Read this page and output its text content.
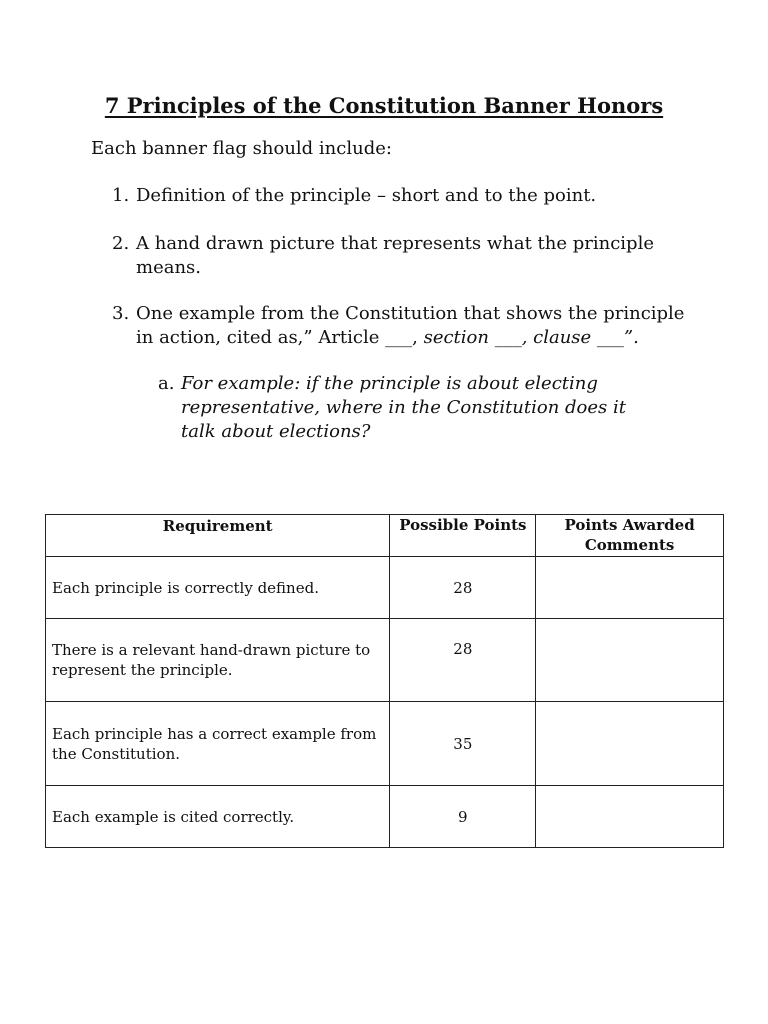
7 Principles of the Constitution Banner Honors
Each banner flag should include:
1. Definition of the principle – short and to the point.
2. A hand drawn picture that represents what the principle means.
3. One example from the Constitution that shows the principle in action, cited as,” Article ___, section ___, clause ___”.
a. For example: if the principle is about electing representative, where in the Constitution does it talk about elections?
Requirement	Possible Points	Points Awarded Comments
Each principle is correctly defined.	28	
There is a relevant hand-drawn picture to represent the principle.	28	
Each principle has a correct example from the Constitution.	35	
Each example is cited correctly.	9	
